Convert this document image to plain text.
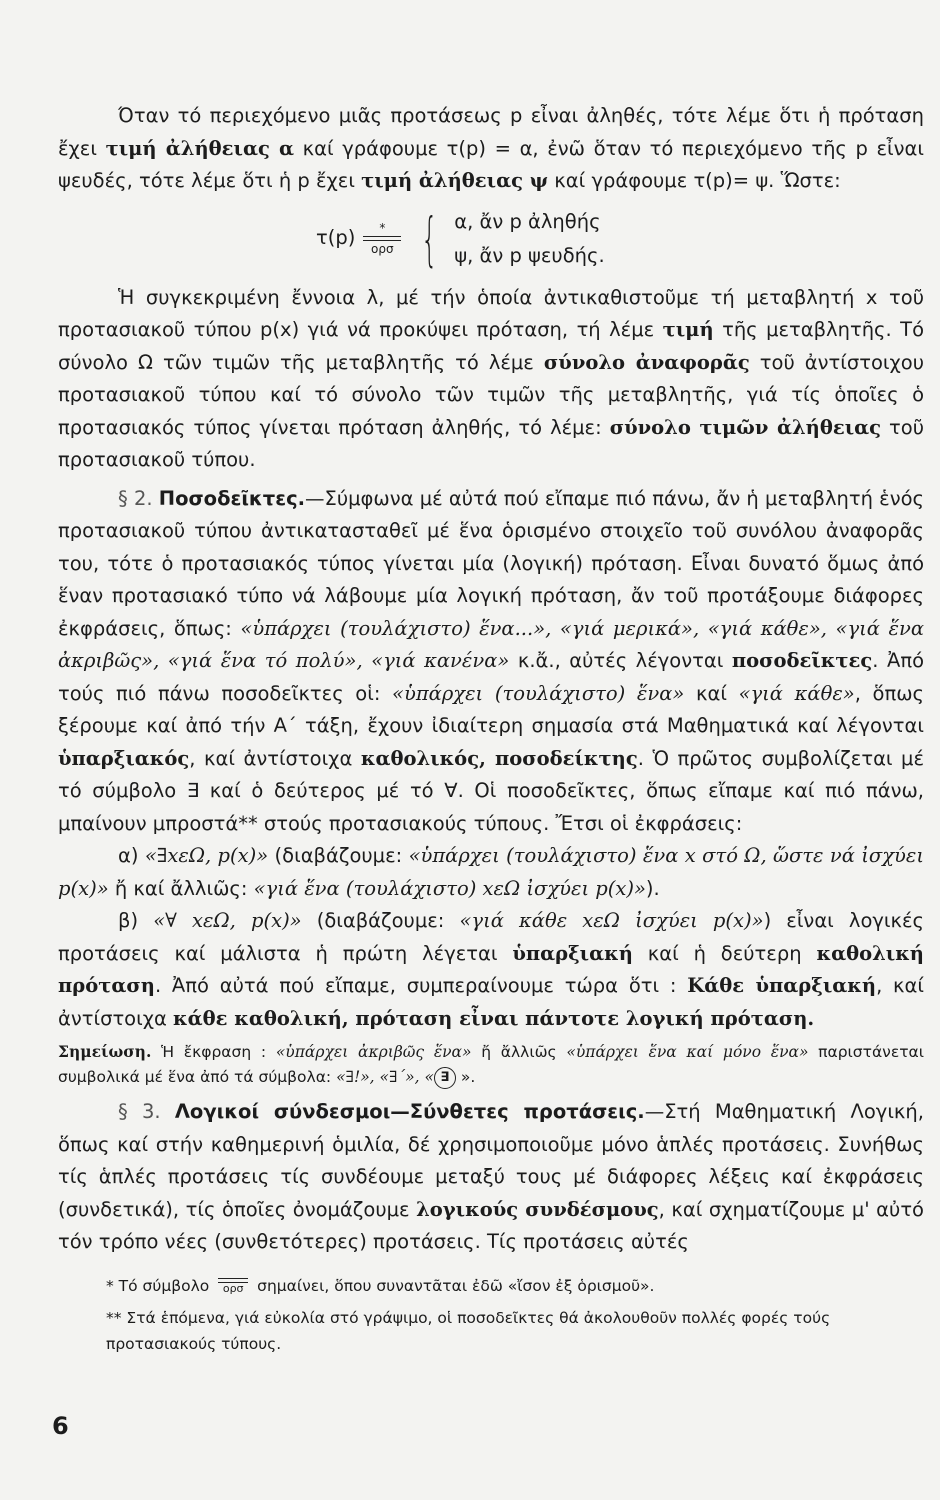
Όταν τό περιεχόμενο μιᾶς προτάσεως p εἶναι ἀληθές, τότε λέμε ὅτι ἡ πρόταση ἔχει τιμή ἀλήθειας α καί γράφουμε τ(p) = α, ἐνῶ ὅταν τό περιεχόμενο τῆς p εἶναι ψευδές, τότε λέμε ὅτι ἡ p ἔχει τιμή ἀλήθειας ψ καί γράφουμε τ(p)= ψ. Ὥστε:

τ(p) *
ορσ { α, ἄν p ἀληθής
ψ, ἄν p ψευδής.

Ἡ συγκεκριμένη ἔννοια λ, μέ τήν ὁποία ἀντικαθιστοῦμε τή μεταβλητή x τοῦ προτασιακοῦ τύπου p(x) γιά νά προκύψει πρόταση, τή λέμε τιμή τῆς μεταβλητῆς. Τό σύνολο Ω τῶν τιμῶν τῆς μεταβλητῆς τό λέμε σύνολο ἀναφορᾶς τοῦ ἀντίστοιχου προτασιακοῦ τύπου καί τό σύνολο τῶν τιμῶν τῆς μεταβλητῆς, γιά τίς ὁποῖες ὁ προτασιακός τύπος γίνεται πρόταση ἀληθής, τό λέμε: σύνολο τιμῶν ἀλήθειας τοῦ προτασιακοῦ τύπου.

§ 2. Ποσοδεῖκτες.—Σύμφωνα μέ αὐτά πού εἴπαμε πιό πάνω, ἄν ἡ μεταβλητή ἑνός προτασιακοῦ τύπου ἀντικατασταθεῖ μέ ἕνα ὁρισμένο στοιχεῖο τοῦ συνόλου ἀναφορᾶς του, τότε ὁ προτασιακός τύπος γίνεται μία (λογική) πρόταση. Εἶναι δυνατό ὅμως ἀπό ἕναν προτασιακό τύπο νά λάβουμε μία λογική πρόταση, ἄν τοῦ προτάξουμε διάφορες ἐκφράσεις, ὅπως: «ὑπάρχει (τουλάχιστο) ἕνα...», «γιά μερικά», «γιά κάθε», «γιά ἕνα ἀκριβῶς», «γιά ἕνα τό πολύ», «γιά κανένα» κ.ἄ., αὐτές λέγονται ποσοδεῖκτες. Ἀπό τούς πιό πάνω ποσοδεῖκτες οἱ: «ὑπάρχει (τουλάχιστο) ἕνα» καί «γιά κάθε», ὅπως ξέρουμε καί ἀπό τήν Α΄ τάξη, ἔχουν ἰδιαίτερη σημασία στά Μαθηματικά καί λέγονται ὑπαρξιακός, καί ἀντίστοιχα καθολικός, ποσοδείκτης. Ὁ πρῶτος συμβολίζεται μέ τό σύμβολο ∃ καί ὁ δεύτερος μέ τό ∀. Οἱ ποσοδεῖκτες, ὅπως εἴπαμε καί πιό πάνω, μπαίνουν μπροστά** στούς προτασιακούς τύπους. Ἔτσι οἱ ἐκφράσεις:

α) «∃xεΩ, p(x)» (διαβάζουμε: «ὑπάρχει (τουλάχιστο) ἕνα x στό Ω, ὥστε νά ἰσχύει p(x)» ἤ καί ἄλλιῶς: «γιά ἕνα (τουλάχιστο) xεΩ ἰσχύει p(x)»).

β) «∀ xεΩ, p(x)» (διαβάζουμε: «γιά κάθε xεΩ ἰσχύει p(x)») εἶναι λογικές προτάσεις καί μάλιστα ἡ πρώτη λέγεται ὑπαρξιακή καί ἡ δεύτερη καθολική πρόταση. Ἀπό αὐτά πού εἴπαμε, συμπεραίνουμε τώρα ὅτι : Κάθε ὑπαρξιακή, καί ἀντίστοιχα κάθε καθολική, πρόταση εἶναι πάντοτε λογική πρόταση.

Σημείωση. Ἡ ἔκφραση : «ὑπάρχει ἀκριβῶς ἕνα» ἤ ἄλλιῶς «ὑπάρχει ἕνα καί μόνο ἕνα» παριστάνεται συμβολικά μέ ἕνα ἀπό τά σύμβολα: «∃!», «∃΄», « ∃ ».

§ 3. Λογικοί σύνδεσμοι—Σύνθετες προτάσεις.—Στή Μαθηματική Λογική, ὅπως καί στήν καθημερινή ὁμιλία, δέ χρησιμοποιοῦμε μόνο ἁπλές προτάσεις. Συνήθως τίς ἁπλές προτάσεις τίς συνδέουμε μεταξύ τους μέ διάφορες λέξεις καί ἐκφράσεις (συνδετικά), τίς ὁποῖες ὀνομάζουμε λογικούς συνδέσμους, καί σχηματίζουμε μ' αὐτό τόν τρόπο νέες (συνθετότερες) προτάσεις. Τίς προτάσεις αὐτές

* Τό σύμβολο ορσ σημαίνει, ὅπου συναντᾶται ἐδῶ «ἴσον ἐξ ὁρισμοῦ».
** Στά ἑπόμενα, γιά εὐκολία στό γράψιμο, οἱ ποσοδεῖκτες θά ἀκολουθοῦν πολλές φορές τούς προτασιακούς τύπους.
6
